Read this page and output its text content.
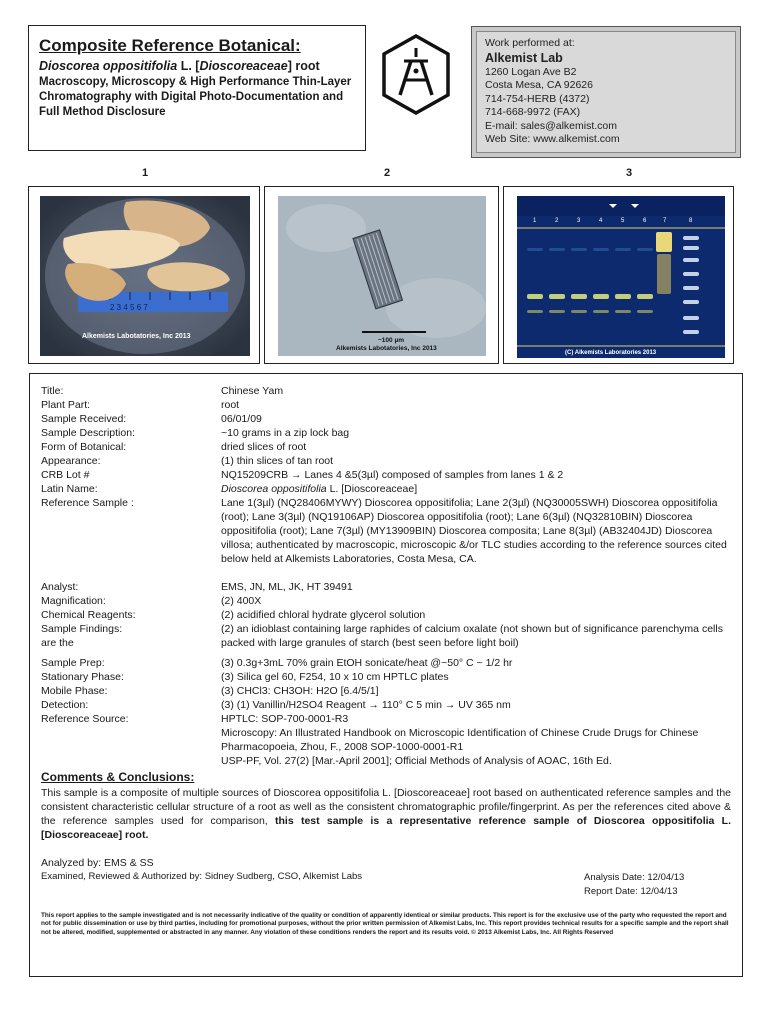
Composite Reference Botanical:
Dioscorea oppositifolia L. [Dioscoreaceae] root
Macroscopy, Microscopy & High Performance Thin-Layer Chromatography with Digital Photo-Documentation and Full Method Disclosure
Work performed at:
Alkemist Lab
1260 Logan Ave B2
Costa Mesa, CA 92626
714-754-HERB (4372)
714-668-9972 (FAX)
E-mail: sales@alkemist.com
Web Site: www.alkemist.com
1	2	3
2 3 4 5 6 7
Alkemists Labotatories, Inc 2013
~100 µm
Alkemists Labotatories, Inc 2013
1	2	3	4	5	6	7	8
(C) Alkemists Laboratories 2013
Title:	Chinese Yam
Plant Part:	root
Sample Received:	06/01/09
Sample Description:	~10 grams in a zip lock bag
Form of Botanical:	dried slices of root
Appearance:	(1) thin slices of tan root
CRB Lot #	NQ15209CRB → Lanes 4 &5(3µl) composed of samples from lanes 1 & 2
Latin Name:	Dioscorea oppositifolia L. [Dioscoreaceae]
Reference Sample :	Lane 1(3µl) (NQ28406MYWY) Dioscorea oppositifolia; Lane 2(3µl) (NQ30005SWH) Dioscorea oppositifolia (root); Lane 3(3µl) (NQ19106AP) Dioscorea oppositifolia (root); Lane 6(3µl) (NQ32810BIN) Dioscorea oppositifolia (root); Lane 7(3µl) (MY13909BIN) Dioscorea composita; Lane 8(3µl) (AB32404JD) Dioscorea villosa; authenticated by macroscopic, microscopic &/or TLC studies according to the reference sources cited below held at Alkemists Laboratories, Costa Mesa, CA.
Analyst:	EMS, JN, ML, JK, HT 39491
Magnification:	(2) 400X
Chemical Reagents:	(2) acidified chloral hydrate glycerol solution
Sample Findings:
are the
(2) an idioblast containing large raphides of calcium oxalate (not shown but of significance parenchyma cells packed with large granules of starch (best seen before light boil)
Sample Prep:	(3) 0.3g+3mL 70% grain EtOH sonicate/heat @~50° C ~ 1/2 hr
Stationary Phase:	(3) Silica gel 60, F254, 10 x 10 cm HPTLC plates
Mobile Phase:	(3) CHCl3: CH3OH: H2O [6.4/5/1]
Detection:	(3) (1) Vanillin/H2SO4 Reagent → 110° C 5 min → UV 365 nm
Reference Source:	HPTLC: SOP-700-0001-R3
Microscopy: An Illustrated Handbook on Microscopic Identification of Chinese Crude Drugs for Chinese Pharmacopoeia, Zhou, F., 2008 SOP-1000-0001-R1
USP-PF, Vol. 27(2) [Mar.-April 2001]; Official Methods of Analysis of AOAC, 16th Ed.
Comments & Conclusions:
This sample is a composite of multiple sources of Dioscorea oppositifolia L. [Dioscoreaceae] root based on authenticated reference samples and the consistent characteristic cellular structure of a root as well as the consistent chromatographic profile/fingerprint. As per the references cited above & the reference samples used for comparison, this test sample is a representative reference sample of Dioscorea oppositifolia L. [Dioscoreaceae] root.
Analyzed by: EMS & SS
Examined, Reviewed & Authorized by: Sidney Sudberg, CSO, Alkemist Labs	Analysis Date: 12/04/13
Report Date: 12/04/13
This report applies to the sample investigated and is not necessarily indicative of the quality or condition of apparently identical or similar products. This report is for the exclusive use of the party who requested the report and not for public dissemination or use by third parties, including for promotional purposes, without the prior written permission of Alkemist Labs, Inc. This report provides technical results for a specific sample and the report shall not be altered, modified, supplemented or abstracted in any manner. Any violation of these conditions renders the report and its results void. © 2013 Alkemist Labs, Inc. All Rights Reserved
